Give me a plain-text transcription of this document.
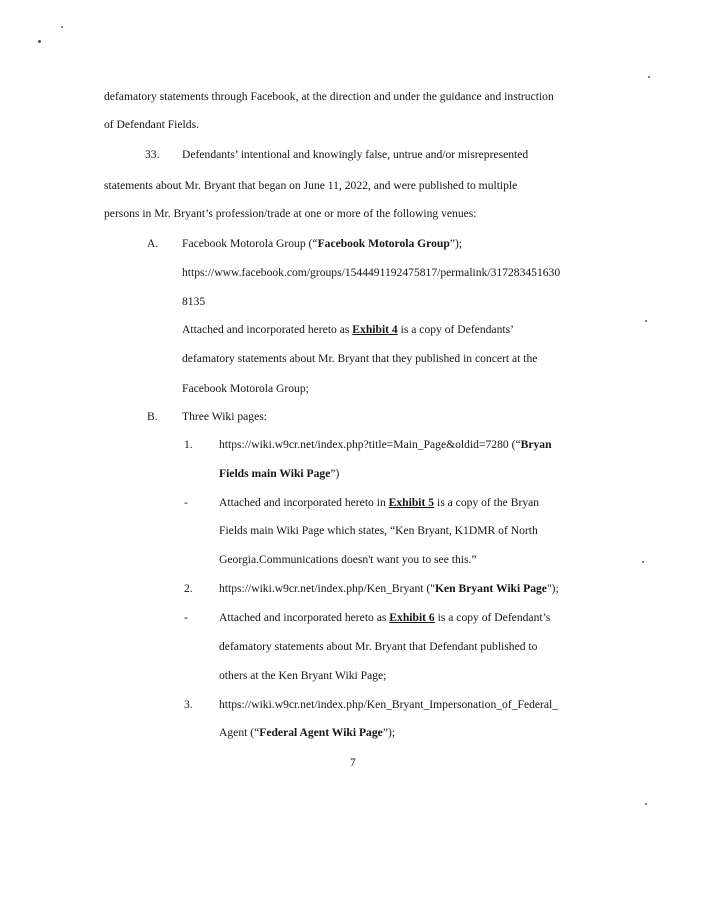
defamatory statements through Facebook, at the direction and under the guidance and instruction
of Defendant Fields.
33. Defendants’ intentional and knowingly false, untrue and/or misrepresented
statements about Mr. Bryant that began on June 11, 2022, and were published to multiple
persons in Mr. Bryant’s profession/trade at one or more of the following venues:
A. Facebook Motorola Group (“Facebook Motorola Group”);
https://www.facebook.com/groups/1544491192475817/permalink/317283451630
8135
Attached and incorporated hereto as Exhibit 4 is a copy of Defendants’
defamatory statements about Mr. Bryant that they published in concert at the
Facebook Motorola Group;
B. Three Wiki pages:
1. https://wiki.w9cr.net/index.php?title=Main_Page&oldid=7280 (“Bryan
Fields main Wiki Page”)
-	Attached and incorporated hereto in Exhibit 5 is a copy of the Bryan
Fields main Wiki Page which states, “Ken Bryant, K1DMR of North
Georgia.Communications doesn't want you to see this.”
2. https://wiki.w9cr.net/index.php/Ken_Bryant ("Ken Bryant Wiki Page");
-	Attached and incorporated hereto as Exhibit 6 is a copy of Defendant’s
defamatory statements about Mr. Bryant that Defendant published to
others at the Ken Bryant Wiki Page;
3. https://wiki.w9cr.net/index.php/Ken_Bryant_Impersonation_of_Federal_
Agent (“Federal Agent Wiki Page”);
7
